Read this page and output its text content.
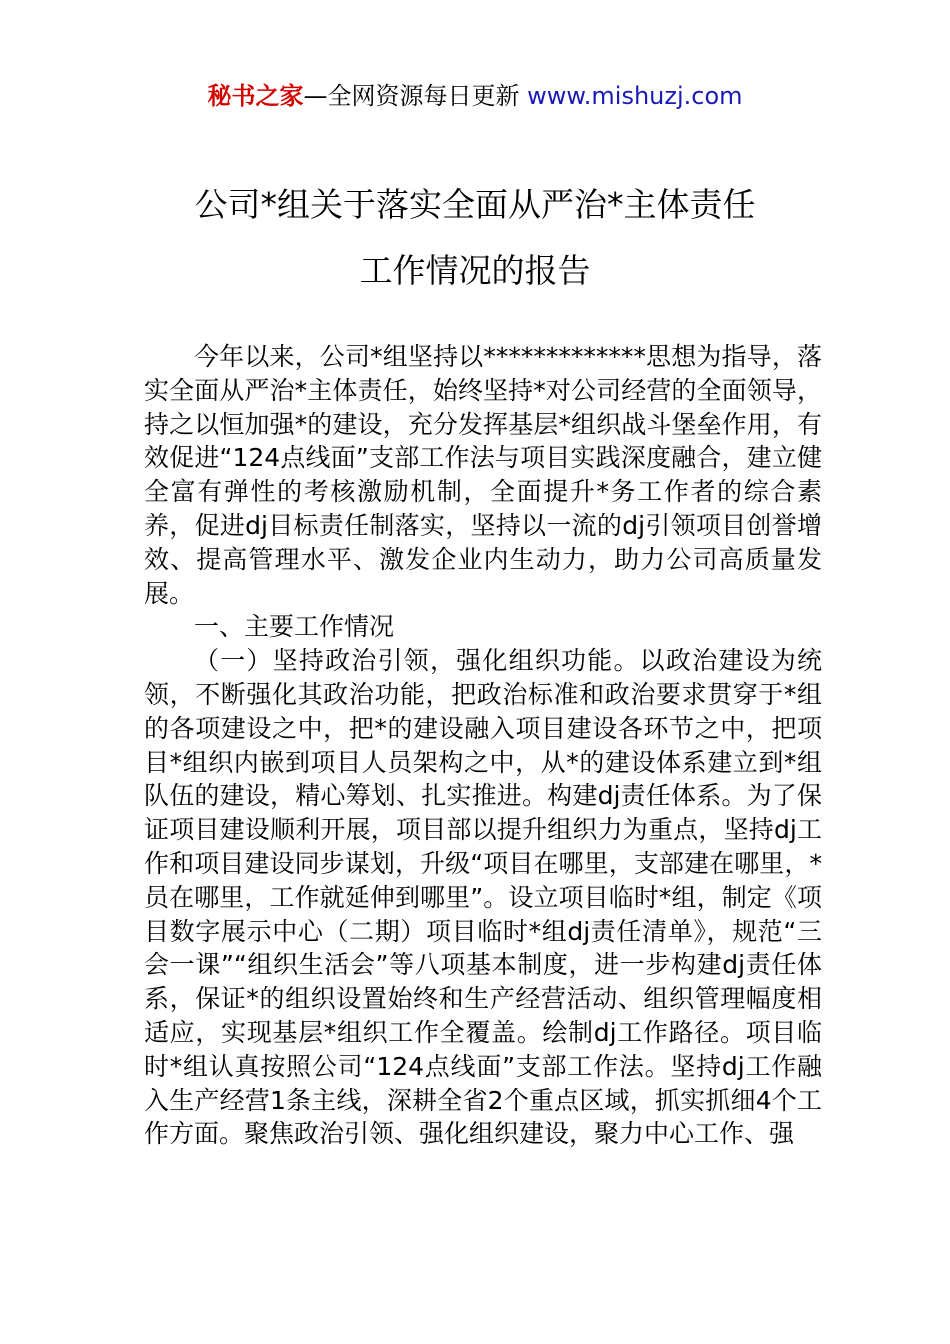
秘书之家—全网资源每日更新 www.mishuzj.com
公司*组关于落实全面从严治*主体责任
工作情况的报告

今年以来，公司*组坚持以*************思想为指导，落实全面从严治*主体责任，始终坚持*对公司经营的全面领导，持之以恒加强*的建设，充分发挥基层*组织战斗堡垒作用，有效促进“124点线面”支部工作法与项目实践深度融合，建立健全富有弹性的考核激励机制，全面提升*务工作者的综合素养，促进dj目标责任制落实，坚持以一流的dj引领项目创誉增效、提高管理水平、激发企业内生动力，助力公司高质量发展。

一、主要工作情况

（一）坚持政治引领，强化组织功能。以政治建设为统领，不断强化其政治功能，把政治标准和政治要求贯穿于*组的各项建设之中，把*的建设融入项目建设各环节之中，把项目*组织内嵌到项目人员架构之中，从*的建设体系建立到*组队伍的建设，精心筹划、扎实推进。构建dj责任体系。为了保证项目建设顺利开展，项目部以提升组织力为重点，坚持dj工作和项目建设同步谋划，升级“项目在哪里，支部建在哪里，*员在哪里，工作就延伸到哪里”。设立项目临时*组，制定《项目数字展示中心（二期）项目临时*组dj责任清单》，规范“三会一课”“组织生活会”等八项基本制度，进一步构建dj责任体系，保证*的组织设置始终和生产经营活动、组织管理幅度相适应，实现基层*组织工作全覆盖。绘制dj工作路径。项目临时*组认真按照公司“124点线面”支部工作法。坚持dj工作融入生产经营1条主线，深耕全省2个重点区域，抓实抓细4个工作方面。聚焦政治引领、强化组织建设，聚力中心工作、强
